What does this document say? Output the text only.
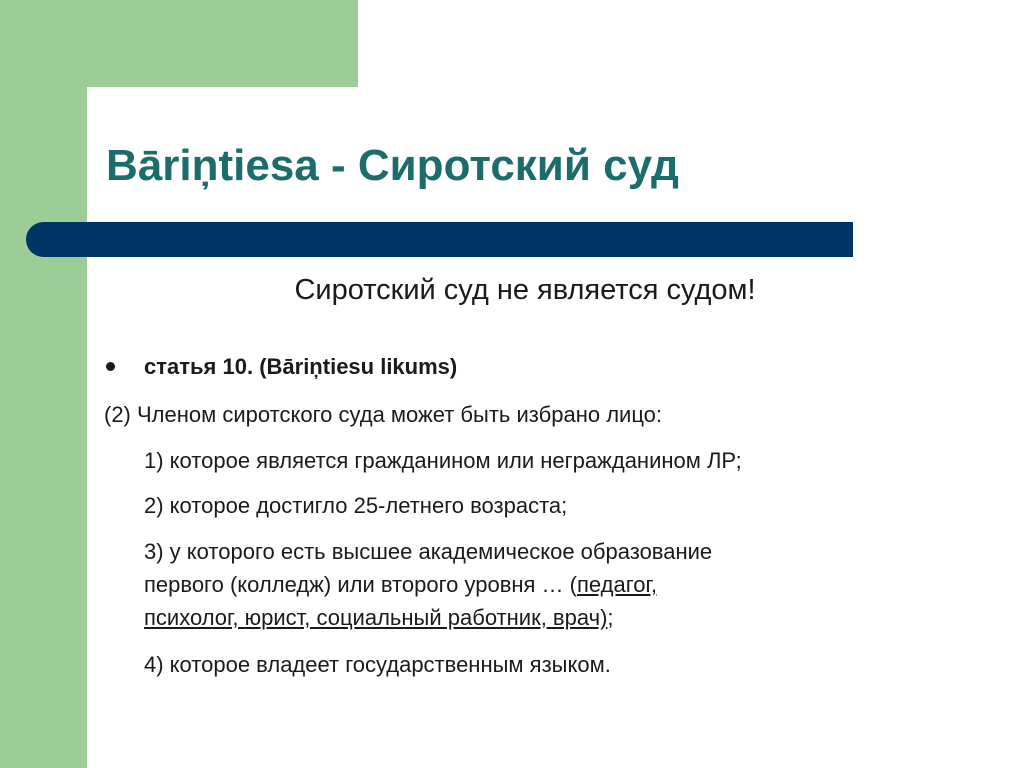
Bāriņtiesa - Сиротский суд
Сиротский суд не является судом!
статья 10. (Bāriņtiesu likums)
(2) Членом сиротского суда может быть избрано лицо:
1) которое является гражданином или негражданином ЛР;
2) которое достигло 25-летнего возраста;
3) у которого есть высшее академическое образование
первого (колледж) или второго уровня … (педагог,
психолог, юрист, социальный работник, врач);
4) которое владеет государственным языком.
